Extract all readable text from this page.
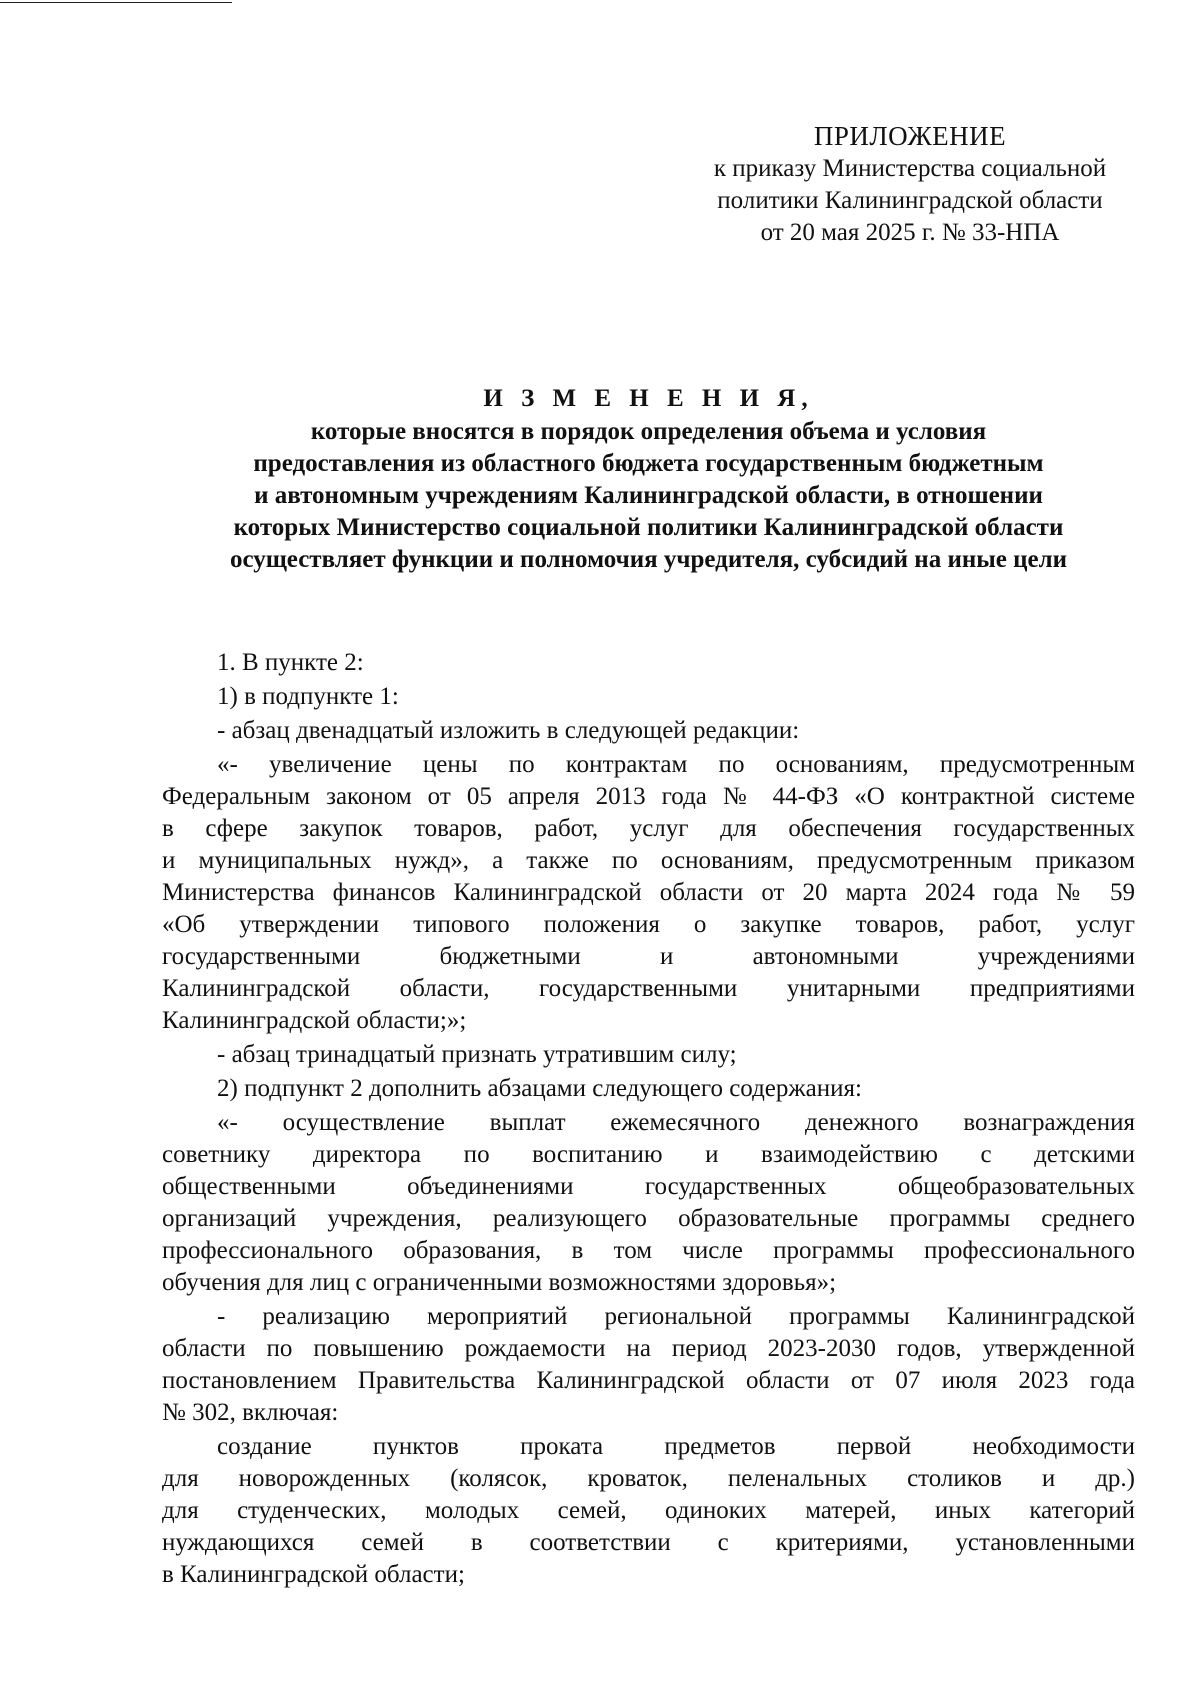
ПРИЛОЖЕНИЕ
к приказу Министерства социальной
политики Калининградской области
от 20 мая 2025 г. № 33-НПА
И З М Е Н Е Н И Я,
которые вносятся в порядок определения объема и условия
предоставления из областного бюджета государственным бюджетным
и автономным учреждениям Калининградской области, в отношении
которых Министерство социальной политики Калининградской области
осуществляет функции и полномочия учредителя, субсидий на иные цели
1. В пункте 2:
1) в подпункте 1:
- абзац двенадцатый изложить в следующей редакции:
«- увеличение цены по контрактам по основаниям, предусмотренным
Федеральным законом от 05 апреля 2013 года № 44-ФЗ «О контрактной системе
в сфере закупок товаров, работ, услуг для обеспечения государственных
и муниципальных нужд», а также по основаниям, предусмотренным приказом
Министерства финансов Калининградской области от 20 марта 2024 года № 59
«Об утверждении типового положения о закупке товаров, работ, услуг
государственными бюджетными и автономными учреждениями
Калининградской области, государственными унитарными предприятиями
Калининградской области;»;
- абзац тринадцатый признать утратившим силу;
2) подпункт 2 дополнить абзацами следующего содержания:
«- осуществление выплат ежемесячного денежного вознаграждения
советнику директора по воспитанию и взаимодействию с детскими
общественными объединениями государственных общеобразовательных
организаций учреждения, реализующего образовательные программы среднего
профессионального образования, в том числе программы профессионального
обучения для лиц с ограниченными возможностями здоровья»;
- реализацию мероприятий региональной программы Калининградской
области по повышению рождаемости на период 2023-2030 годов, утвержденной
постановлением Правительства Калининградской области от 07 июля 2023 года
№ 302, включая:
создание пунктов проката предметов первой необходимости
для новорожденных (колясок, кроваток, пеленальных столиков и др.)
для студенческих, молодых семей, одиноких матерей, иных категорий
нуждающихся семей в соответствии с критериями, установленными
в Калининградской области;
